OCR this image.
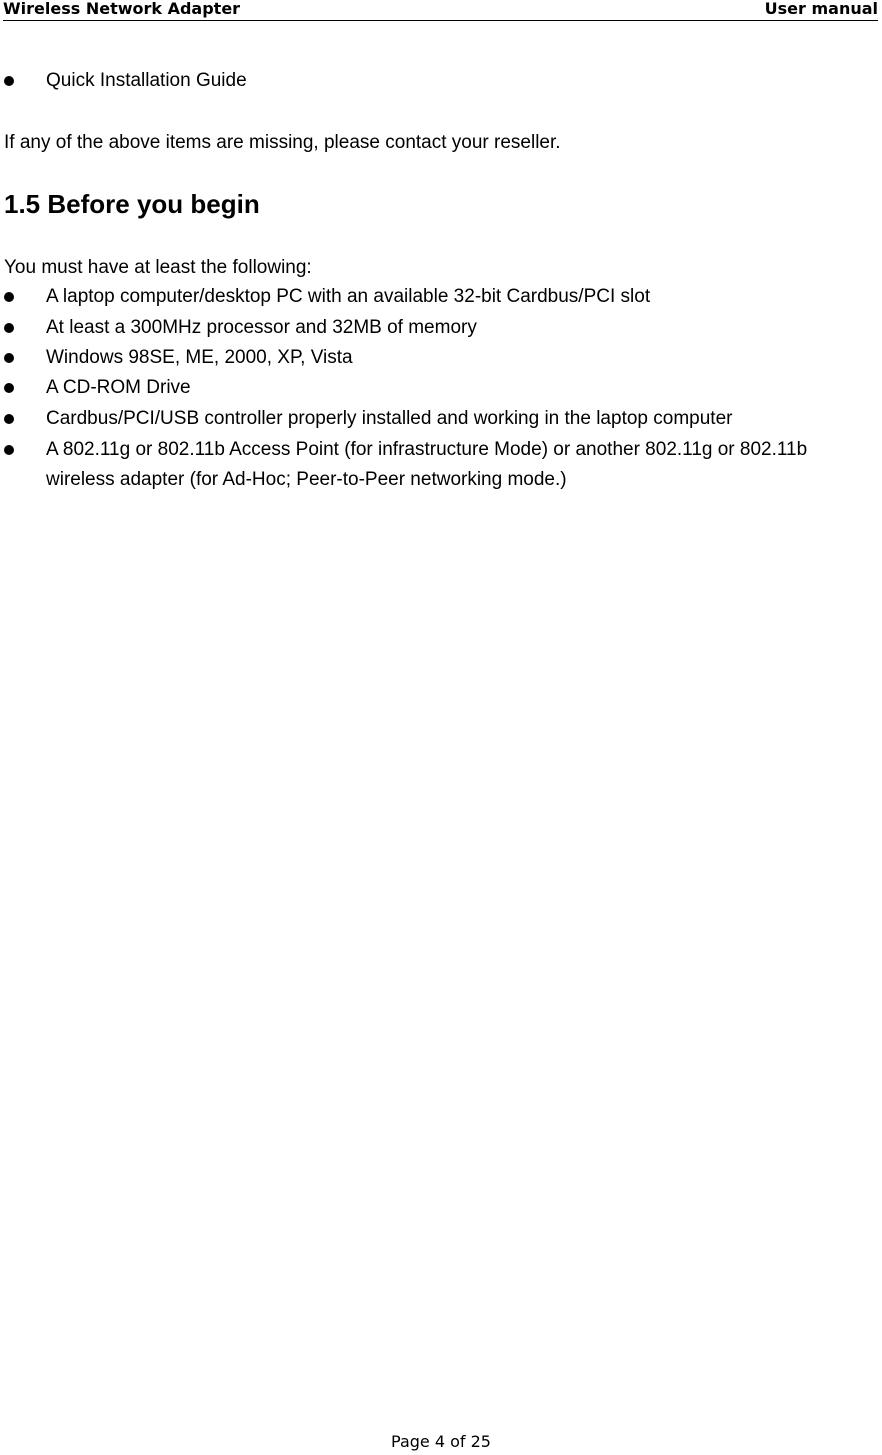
Wireless Network Adapter	User manual
Quick Installation Guide
If any of the above items are missing, please contact your reseller.
1.5 Before you begin
You must have at least the following:
A laptop computer/desktop PC with an available 32-bit Cardbus/PCI slot
At least a 300MHz processor and 32MB of memory
Windows 98SE, ME, 2000, XP, Vista
A CD-ROM Drive
Cardbus/PCI/USB controller properly installed and working in the laptop computer
A 802.11g or 802.11b Access Point (for infrastructure Mode) or another 802.11g or 802.11b wireless adapter (for Ad-Hoc; Peer-to-Peer networking mode.)
Page 4 of 25
